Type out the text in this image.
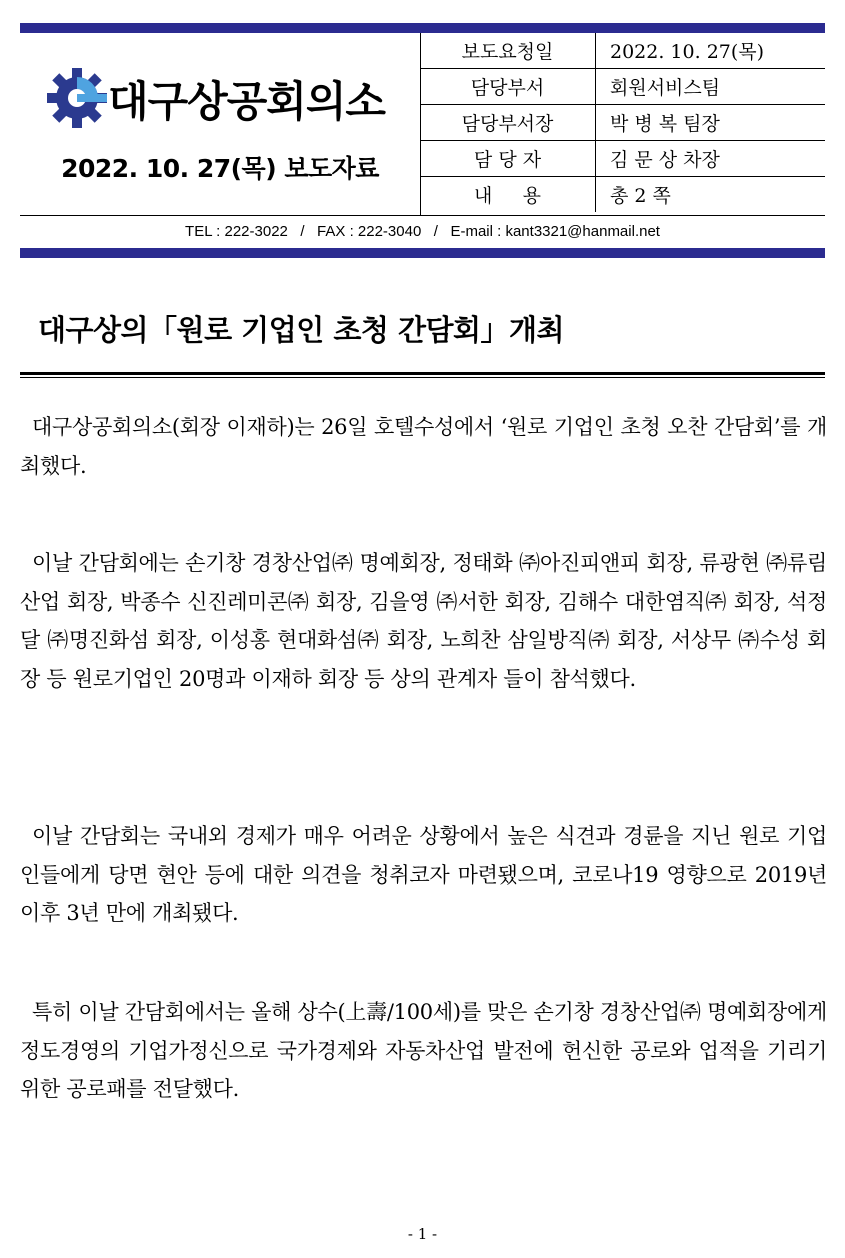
대구상공회의소
2022. 10. 27(목) 보도자료
보도요청일	2022. 10. 27(목)
담당부서	회원서비스팀
담당부서장	박 병 복 팀장
담 당 자	김 문 상 차장
내     용	총 2 쪽
TEL : 222-3022   /   FAX : 222-3040   /   E-mail : kant3321@hanmail.net
대구상의「원로 기업인 초청 간담회」개최

대구상공회의소(회장 이재하)는 26일 호텔수성에서 ‘원로 기업인 초청 오찬 간담회’를 개최했다.

이날 간담회에는 손기창 경창산업㈜ 명예회장, 정태화 ㈜아진피앤피 회장, 류광현 ㈜류림산업 회장, 박종수 신진레미콘㈜ 회장, 김을영 ㈜서한 회장, 김해수 대한염직㈜ 회장, 석정달 ㈜명진화섬 회장, 이성홍 현대화섬㈜ 회장, 노희찬 삼일방직㈜ 회장, 서상무 ㈜수성 회장 등 원로기업인 20명과 이재하 회장 등 상의 관계자 들이 참석했다.

이날 간담회는 국내외 경제가 매우 어려운 상황에서 높은 식견과 경륜을 지닌 원로 기업인들에게 당면 현안 등에 대한 의견을 청취코자 마련됐으며, 코로나19 영향으로 2019년 이후 3년 만에 개최됐다.

특히 이날 간담회에서는 올해 상수(上壽/100세)를 맞은 손기창 경창산업㈜ 명예회장에게 정도경영의 기업가정신으로 국가경제와 자동차산업 발전에 헌신한 공로와 업적을 기리기 위한 공로패를 전달했다.

- 1 -
